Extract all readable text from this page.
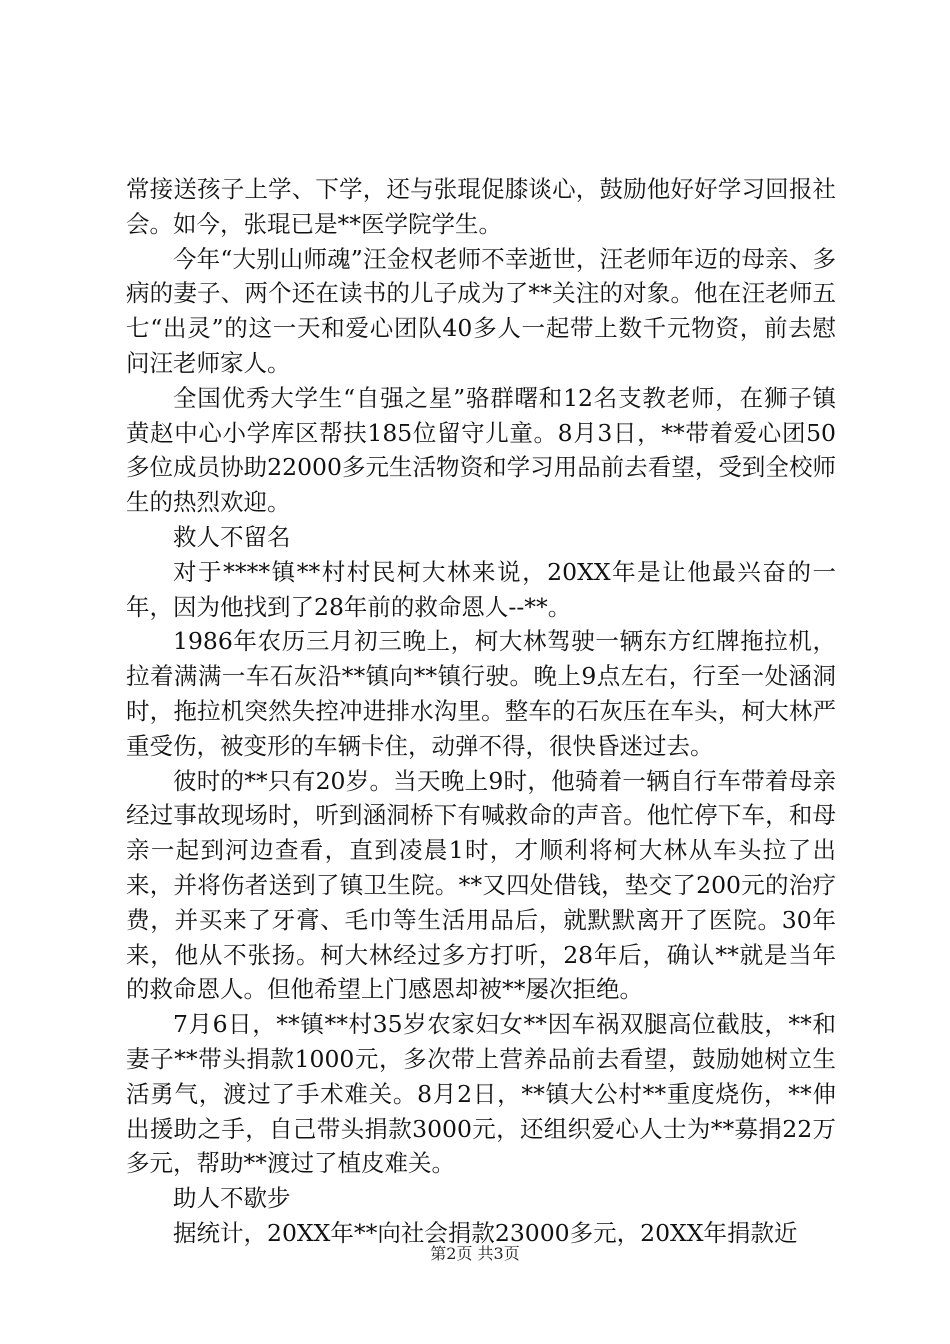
常接送孩子上学、下学，还与张琨促膝谈心，鼓励他好好学习回报社会。如今，张琨已是**医学院学生。

今年“大别山师魂”汪金权老师不幸逝世，汪老师年迈的母亲、多病的妻子、两个还在读书的儿子成为了**关注的对象。他在汪老师五七“出灵”的这一天和爱心团队40多人一起带上数千元物资，前去慰问汪老师家人。

全国优秀大学生“自强之星”骆群曙和12名支教老师，在狮子镇黄赵中心小学库区帮扶185位留守儿童。8月3日，**带着爱心团50多位成员协助22000多元生活物资和学习用品前去看望，受到全校师生的热烈欢迎。

救人不留名

对于****镇**村村民柯大林来说，20XX年是让他最兴奋的一年，因为他找到了28年前的救命恩人--**。

1986年农历三月初三晚上，柯大林驾驶一辆东方红牌拖拉机，拉着满满一车石灰沿**镇向**镇行驶。晚上9点左右，行至一处涵洞时，拖拉机突然失控冲进排水沟里。整车的石灰压在车头，柯大林严重受伤，被变形的车辆卡住，动弹不得，很快昏迷过去。

彼时的**只有20岁。当天晚上9时，他骑着一辆自行车带着母亲经过事故现场时，听到涵洞桥下有喊救命的声音。他忙停下车，和母亲一起到河边查看，直到凌晨1时，才顺利将柯大林从车头拉了出来，并将伤者送到了镇卫生院。**又四处借钱，垫交了200元的治疗费，并买来了牙膏、毛巾等生活用品后，就默默离开了医院。30年来，他从不张扬。柯大林经过多方打听，28年后，确认**就是当年的救命恩人。但他希望上门感恩却被**屡次拒绝。

7月6日，**镇**村35岁农家妇女**因车祸双腿高位截肢，**和妻子**带头捐款1000元，多次带上营养品前去看望，鼓励她树立生活勇气，渡过了手术难关。8月2日，**镇大公村**重度烧伤，**伸出援助之手，自己带头捐款3000元，还组织爱心人士为**募捐22万多元，帮助**渡过了植皮难关。

助人不歇步

据统计，20XX年**向社会捐款23000多元，20XX年捐款近

第2页 共3页
